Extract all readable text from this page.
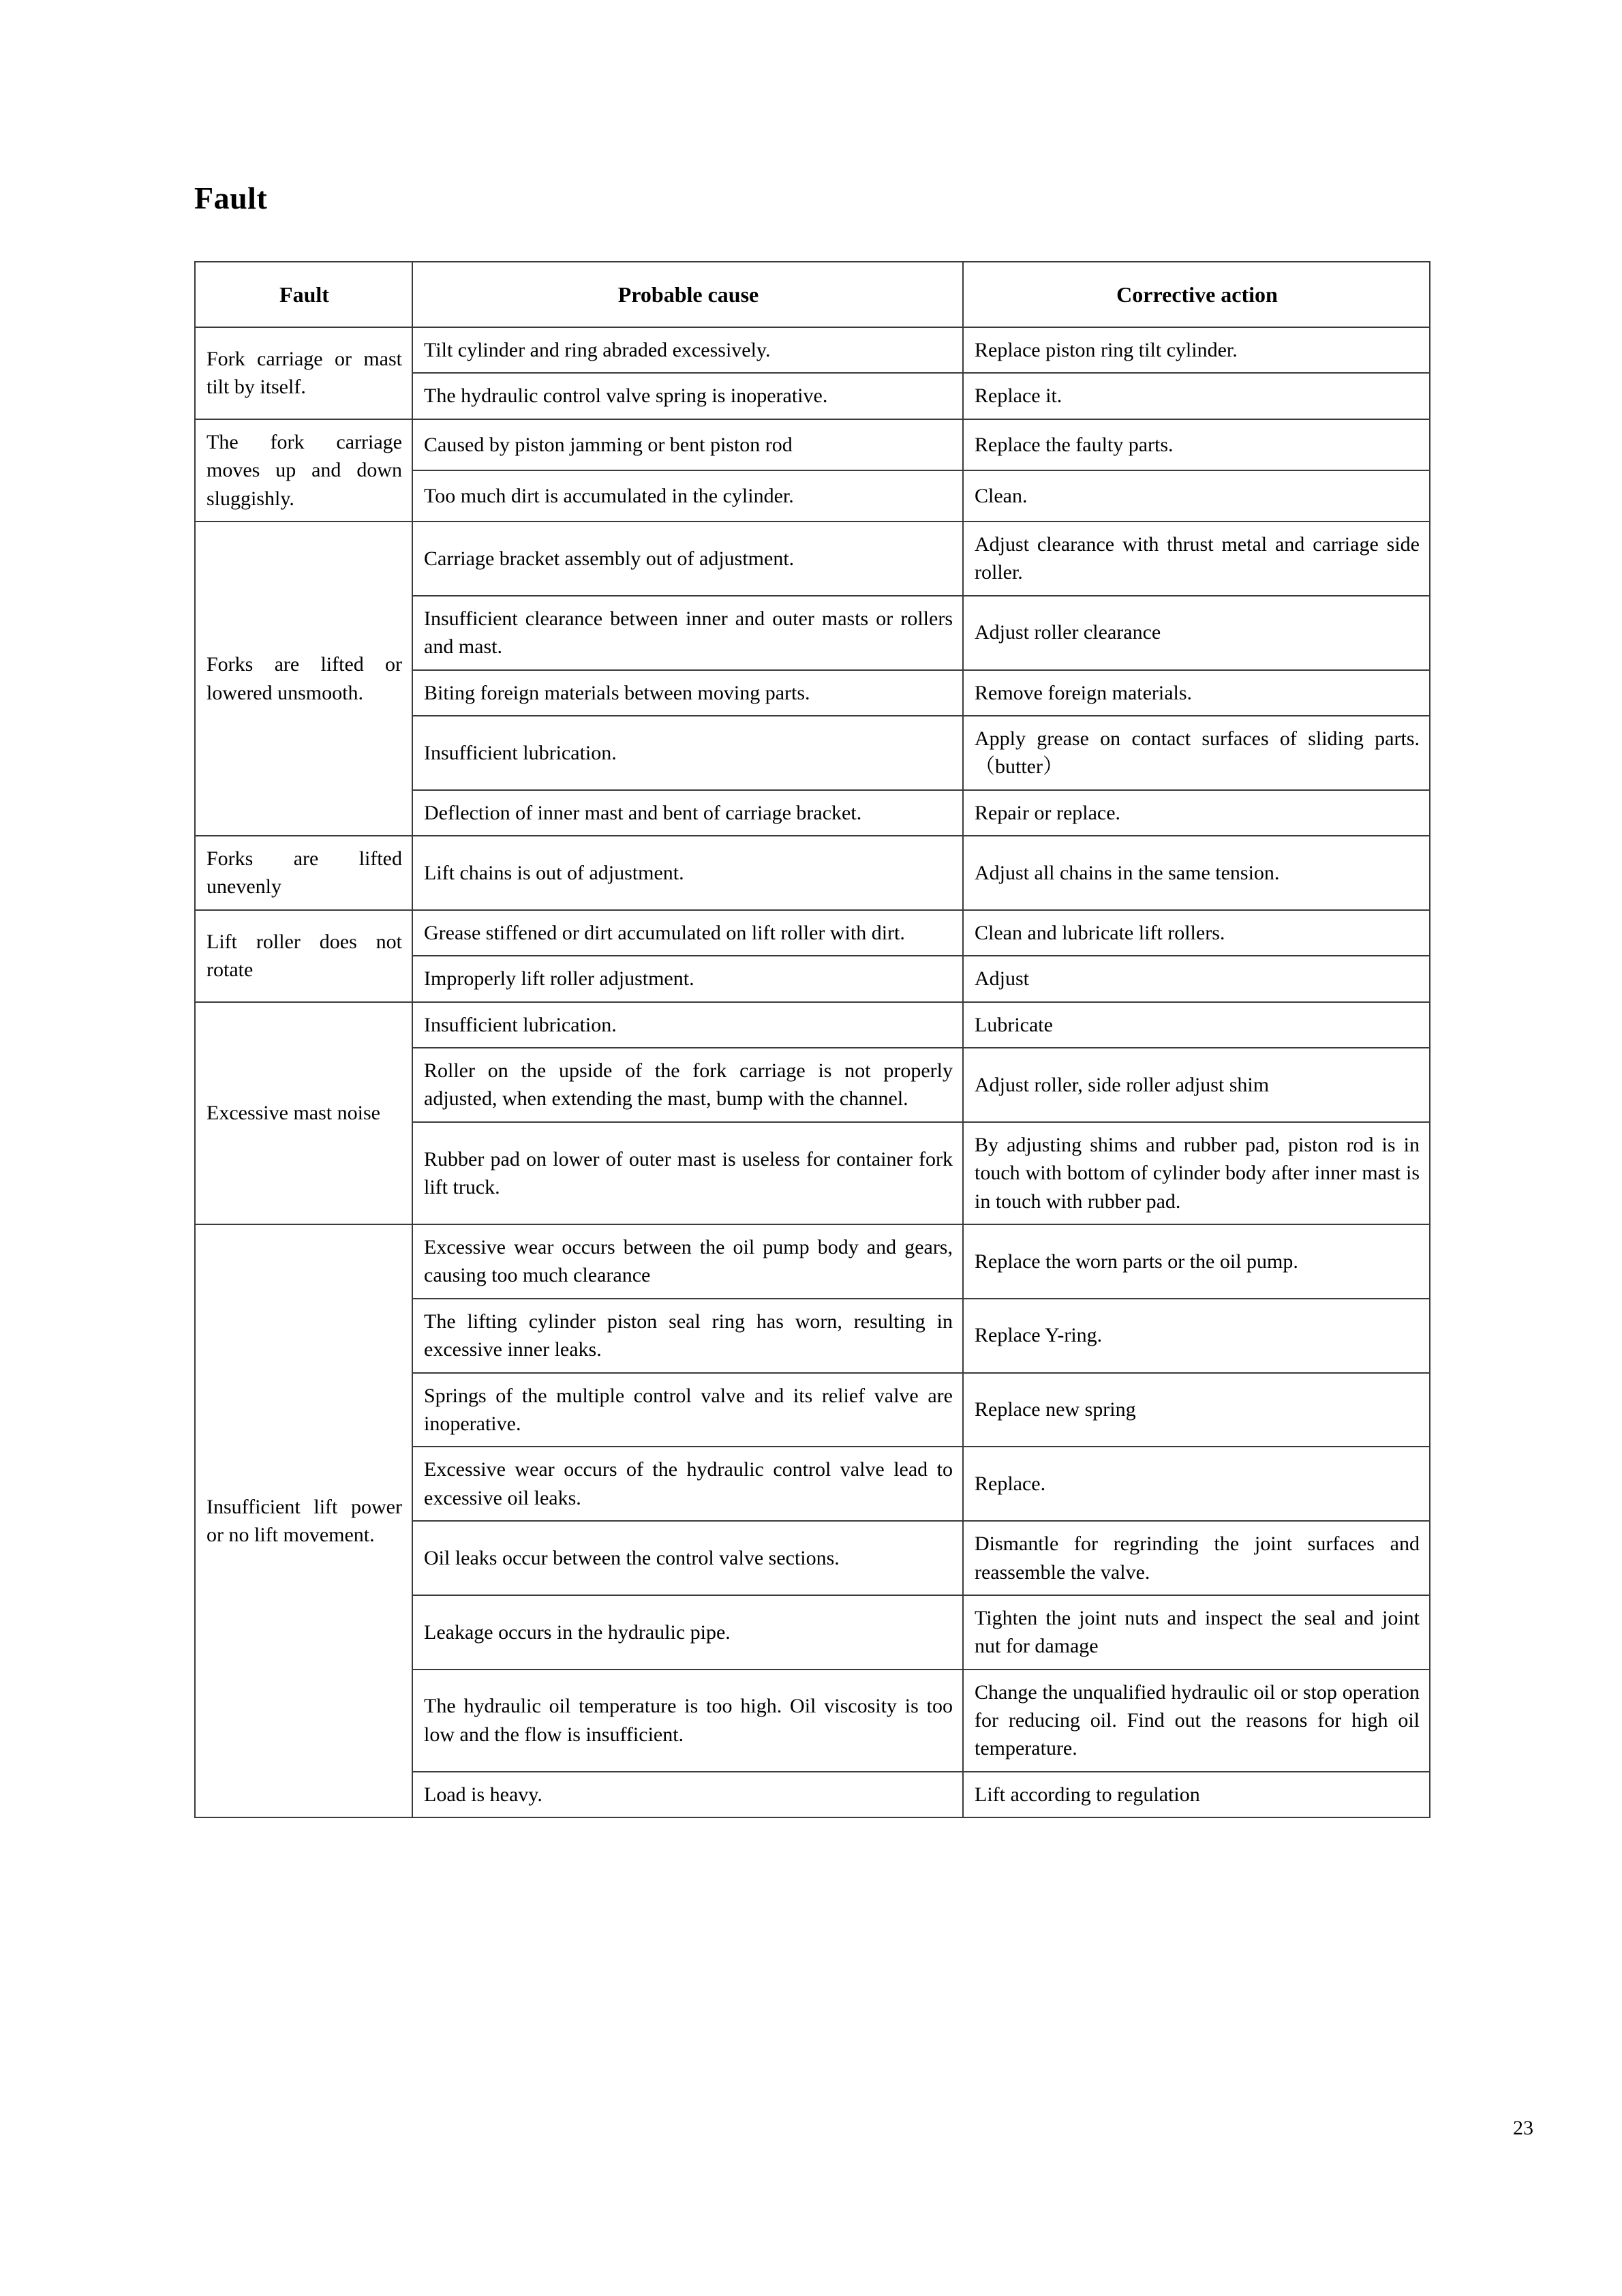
Fault
Fault	Probable cause	Corrective action
Fork carriage or mast tilt by itself.	Tilt cylinder and ring abraded excessively.	Replace piston ring tilt cylinder.
	The hydraulic control valve spring is inoperative.	Replace it.
The fork carriage moves up and down sluggishly.	Caused by piston jamming or bent piston rod	Replace the faulty parts.
	Too much dirt is accumulated in the cylinder.	Clean.
Forks are lifted or lowered unsmooth.	Carriage bracket assembly out of adjustment.	Adjust clearance with thrust metal and carriage side roller.
	Insufficient clearance between inner and outer masts or rollers and mast.	Adjust roller clearance
	Biting foreign materials between moving parts.	Remove foreign materials.
	Insufficient lubrication.	Apply grease on contact surfaces of sliding parts.（butter）
	Deflection of inner mast and bent of carriage bracket.	Repair or replace.
Forks are lifted unevenly	Lift chains is out of adjustment.	Adjust all chains in the same tension.
Lift roller does not rotate	Grease stiffened or dirt accumulated on lift roller with dirt.	Clean and lubricate lift rollers.
	Improperly lift roller adjustment.	Adjust
Excessive mast noise	Insufficient lubrication.	Lubricate
	Roller on the upside of the fork carriage is not properly adjusted, when extending the mast, bump with the channel.	Adjust roller, side roller adjust shim
	Rubber pad on lower of outer mast is useless for container fork lift truck.	By adjusting shims and rubber pad, piston rod is in touch with bottom of cylinder body after inner mast is in touch with rubber pad.
Insufficient lift power or no lift movement.	Excessive wear occurs between the oil pump body and gears, causing too much clearance	Replace the worn parts or the oil pump.
	The lifting cylinder piston seal ring has worn, resulting in excessive inner leaks.	Replace Y-ring.
	Springs of the multiple control valve and its relief valve are inoperative.	Replace new spring
	Excessive wear occurs of the hydraulic control valve lead to excessive oil leaks.	Replace.
	Oil leaks occur between the control valve sections.	Dismantle for regrinding the joint surfaces and reassemble the valve.
	Leakage occurs in the hydraulic pipe.	Tighten the joint nuts and inspect the seal and joint nut for damage
	The hydraulic oil temperature is too high. Oil viscosity is too low and the flow is insufficient.	Change the unqualified hydraulic oil or stop operation for reducing oil. Find out the reasons for high oil temperature.
	Load is heavy.	Lift according to regulation
23
